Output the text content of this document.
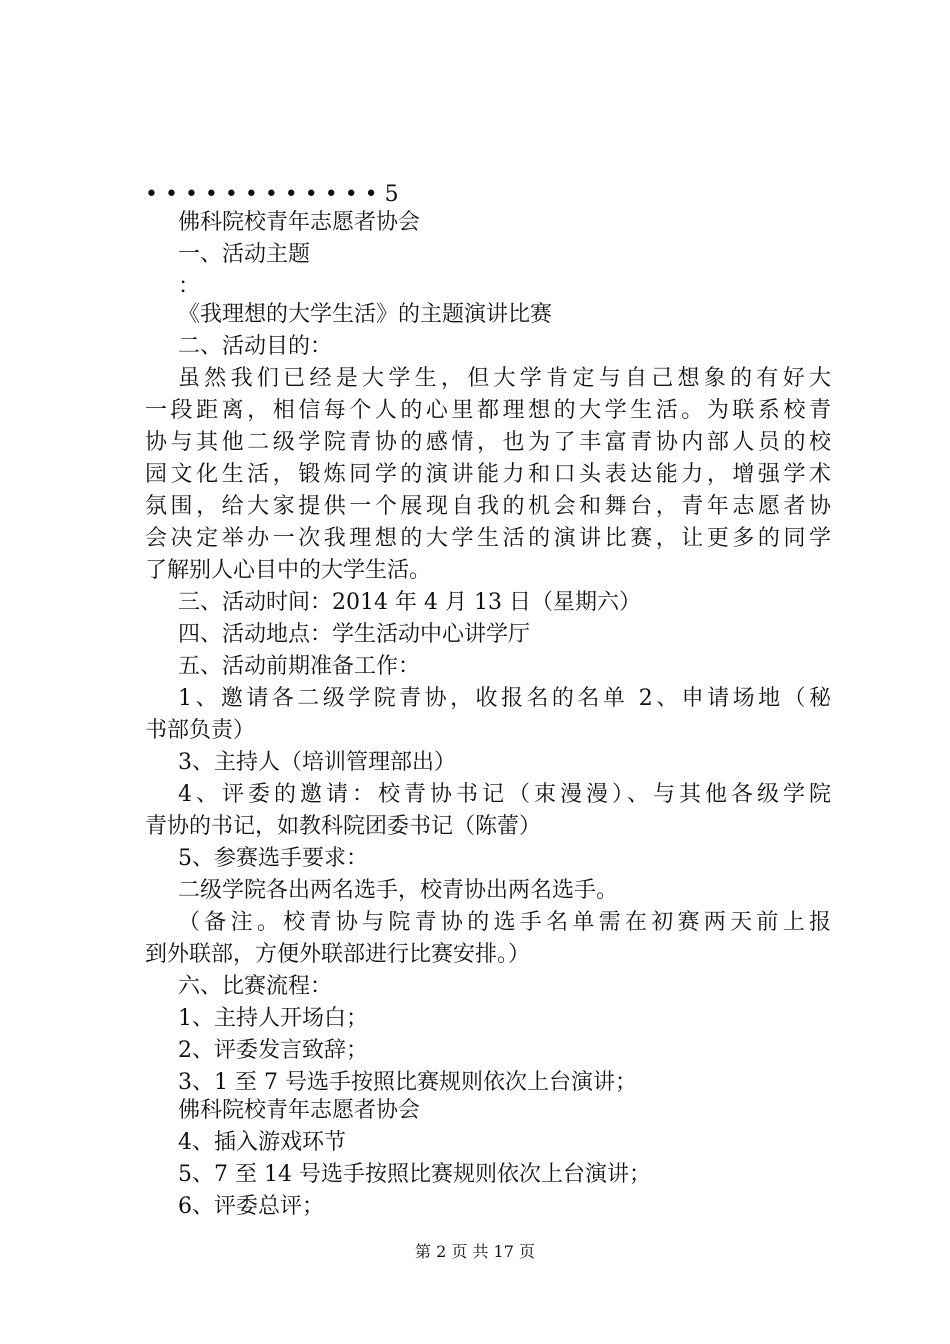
• • • • • • • • • • • • 5
佛科院校青年志愿者协会
一、活动主题
：
《我理想的大学生活》的主题演讲比赛
二、活动目的：
虽然我们已经是大学生，但大学肯定与自己想象的有好大
一段距离，相信每个人的心里都理想的大学生活。为联系校青
协与其他二级学院青协的感情，也为了丰富青协内部人员的校
园文化生活，锻炼同学的演讲能力和口头表达能力，增强学术
氛围，给大家提供一个展现自我的机会和舞台，青年志愿者协
会决定举办一次我理想的大学生活的演讲比赛，让更多的同学
了解别人心目中的大学生活。
三、活动时间：2014 年 4 月 13 日（星期六）
四、活动地点：学生活动中心讲学厅
五、活动前期准备工作：
1、邀请各二级学院青协，收报名的名单 2、申请场地（秘
书部负责）
3、主持人（培训管理部出）
4、评委的邀请：校青协书记（束漫漫）、与其他各级学院
青协的书记，如教科院团委书记（陈蕾）
5、参赛选手要求：
二级学院各出两名选手，校青协出两名选手。
（备注。校青协与院青协的选手名单需在初赛两天前上报
到外联部，方便外联部进行比赛安排。）
六、比赛流程：
1、主持人开场白；
2、评委发言致辞；
3、1 至 7 号选手按照比赛规则依次上台演讲；
佛科院校青年志愿者协会
4、插入游戏环节
5、7 至 14 号选手按照比赛规则依次上台演讲；
6、评委总评；
第 2 页 共 17 页
